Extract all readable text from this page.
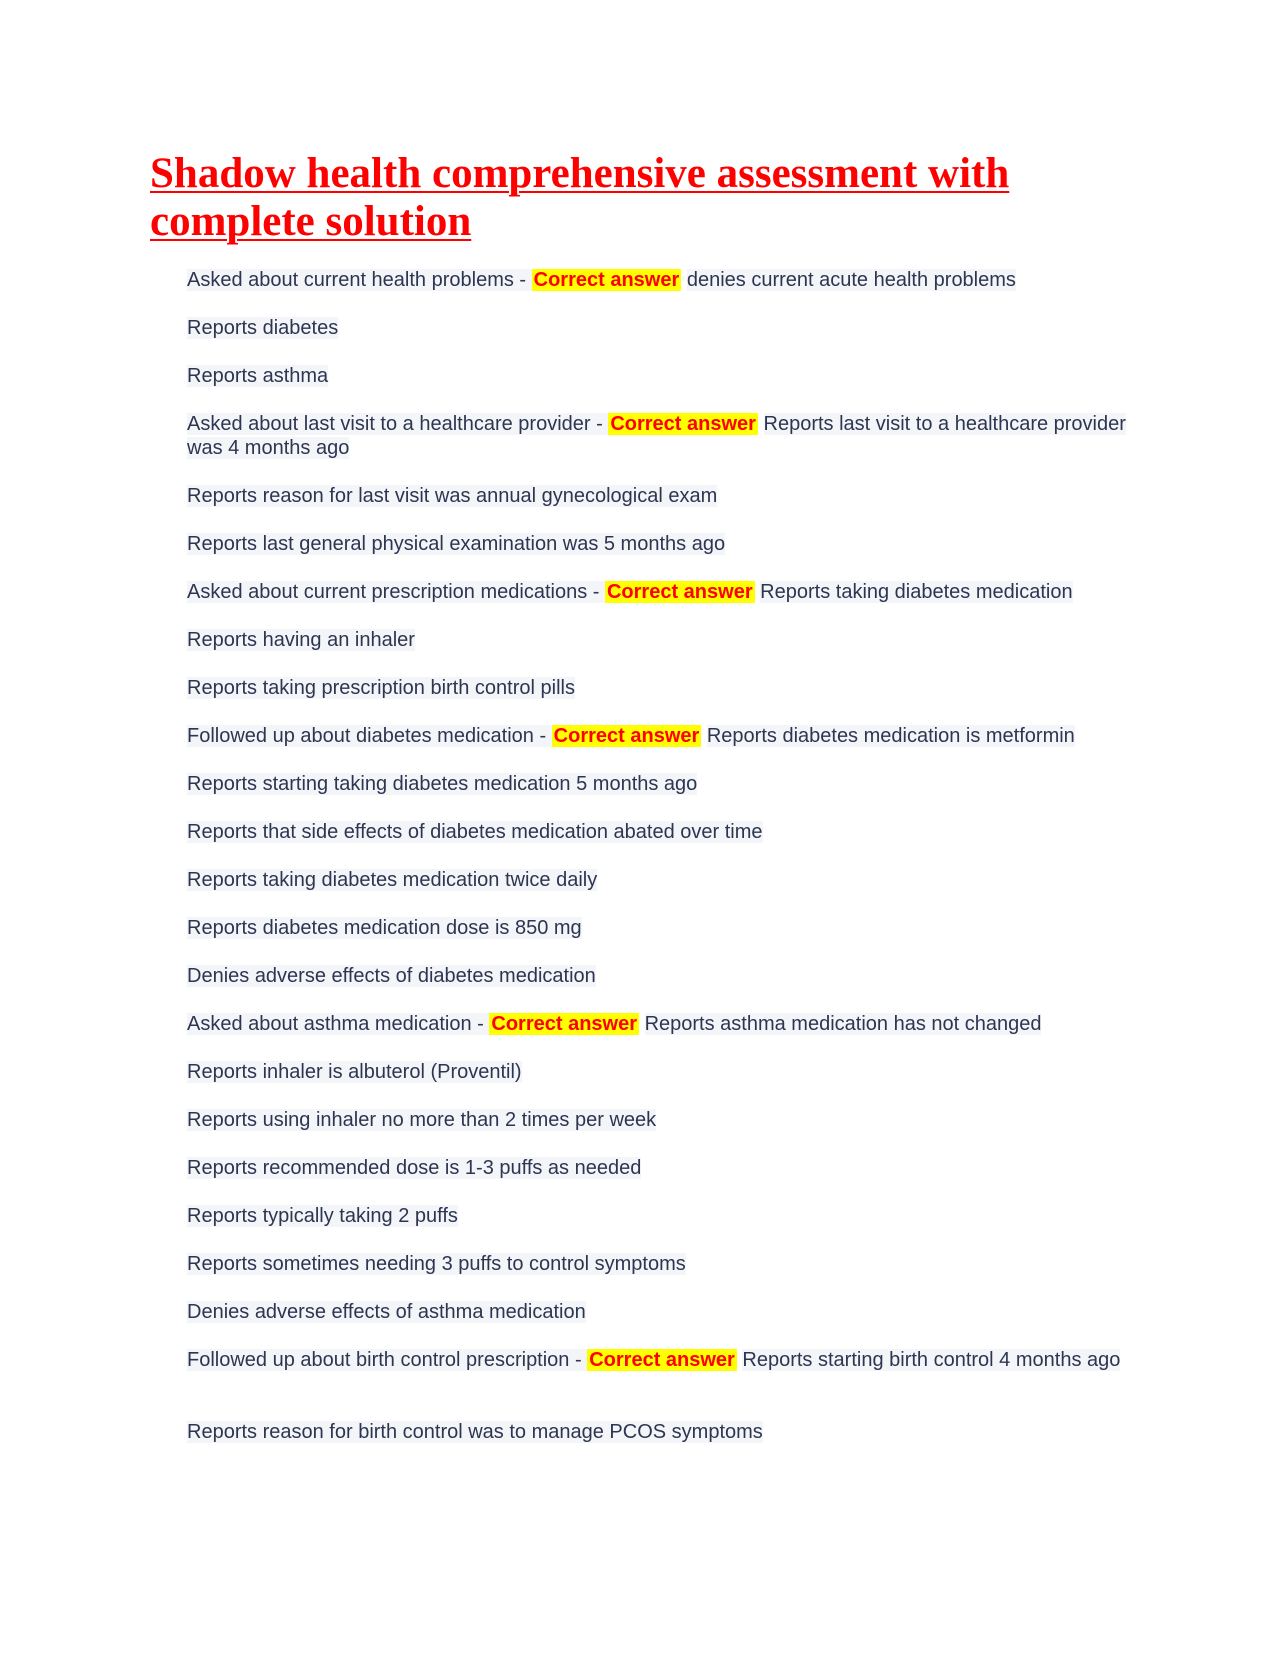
Shadow health comprehensive assessment with complete solution
Asked about current health problems - Correct answer denies current acute health problems
Reports diabetes
Reports asthma
Asked about last visit to a healthcare provider - Correct answer Reports last visit to a healthcare provider was 4 months ago
Reports reason for last visit was annual gynecological exam
Reports last general physical examination was 5 months ago
Asked about current prescription medications - Correct answer Reports taking diabetes medication
Reports having an inhaler
Reports taking prescription birth control pills
Followed up about diabetes medication - Correct answer Reports diabetes medication is metformin
Reports starting taking diabetes medication 5 months ago
Reports that side effects of diabetes medication abated over time
Reports taking diabetes medication twice daily
Reports diabetes medication dose is 850 mg
Denies adverse effects of diabetes medication
Asked about asthma medication - Correct answer Reports asthma medication has not changed
Reports inhaler is albuterol (Proventil)
Reports using inhaler no more than 2 times per week
Reports recommended dose is 1-3 puffs as needed
Reports typically taking 2 puffs
Reports sometimes needing 3 puffs to control symptoms
Denies adverse effects of asthma medication
Followed up about birth control prescription - Correct answer Reports starting birth control 4 months ago
Reports reason for birth control was to manage PCOS symptoms
